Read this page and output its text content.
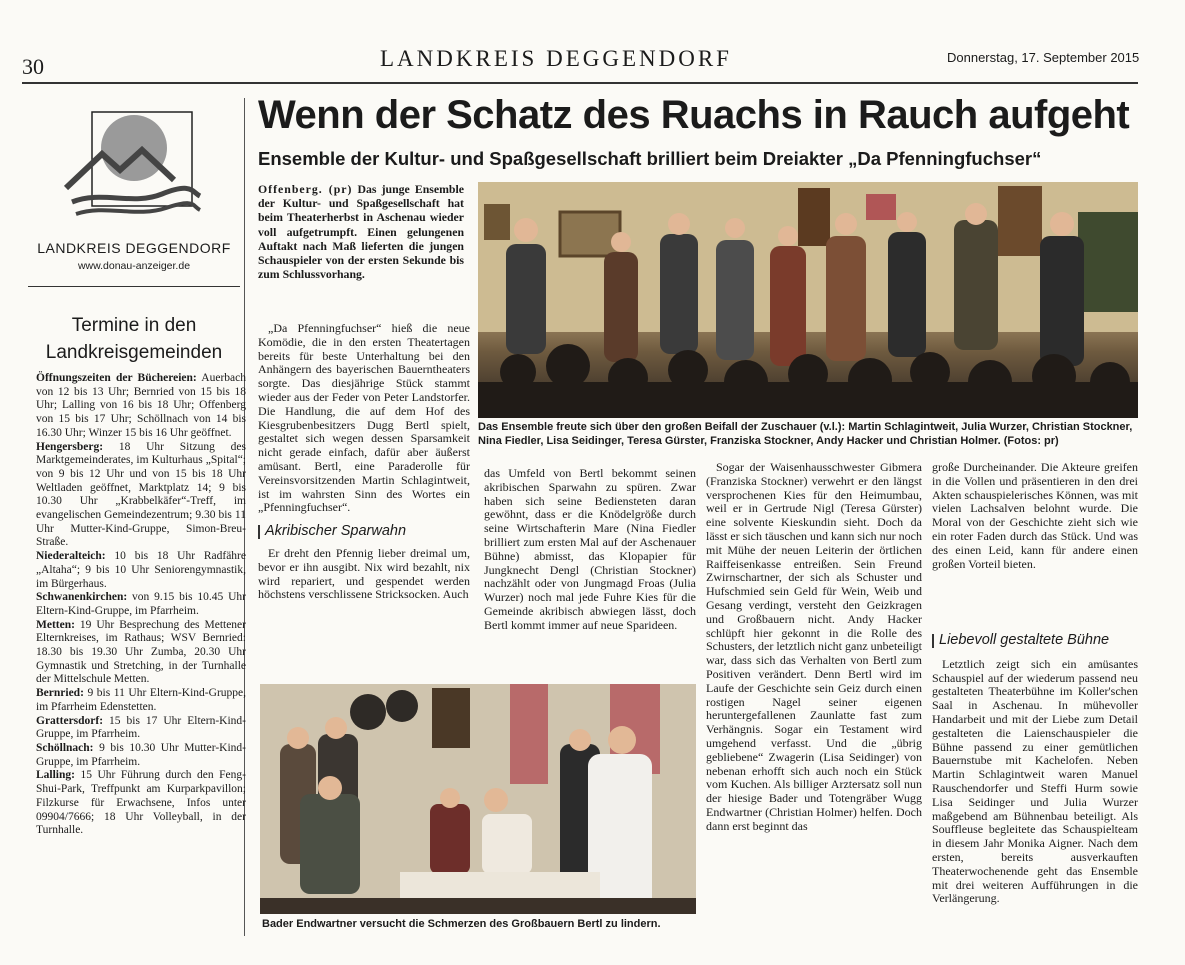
30	LANDKREIS DEGGENDORF	Donnerstag, 17. September 2015
LANDKREIS DEGGENDORF
www.donau-anzeiger.de
Termine in den
Landkreisgemeinden

Öffnungszeiten der Büchereien: Auerbach von 12 bis 13 Uhr; Bernried von 15 bis 18 Uhr; Lalling von 16 bis 18 Uhr; Offenberg von 15 bis 17 Uhr; Schöllnach von 14 bis 16.30 Uhr; Winzer 15 bis 16 Uhr geöffnet.

Hengersberg: 18 Uhr Sitzung des Marktgemeinderates, im Kulturhaus „Spital“; von 9 bis 12 Uhr und von 15 bis 18 Uhr Weltladen geöffnet, Marktplatz 14; 9 bis 10.30 Uhr „Krabbelkäfer“-Treff, im evangelischen Gemeindezentrum; 9.30 bis 11 Uhr Mutter-Kind-Gruppe, Simon-Breu-Straße.

Niederalteich: 10 bis 18 Uhr Radfähre „Altaha“; 9 bis 10 Uhr Seniorengymnastik, im Bürgerhaus.

Schwanenkirchen: von 9.15 bis 10.45 Uhr Eltern-Kind-Gruppe, im Pfarrheim.

Metten: 19 Uhr Besprechung des Mettener Elternkreises, im Rathaus; WSV Bernried: 18.30 bis 19.30 Uhr Zumba, 20.30 Uhr Gymnastik und Stretching, in der Turnhalle der Mittelschule Metten.

Bernried: 9 bis 11 Uhr Eltern-Kind-Gruppe, im Pfarrheim Edenstetten.

Grattersdorf: 15 bis 17 Uhr Eltern-Kind-Gruppe, im Pfarrheim.

Schöllnach: 9 bis 10.30 Uhr Mutter-Kind-Gruppe, im Pfarrheim.

Lalling: 15 Uhr Führung durch den Feng-Shui-Park, Treffpunkt am Kurparkpavillon; Filzkurse für Erwachsene, Infos unter 09904/7666; 18 Uhr Volleyball, in der Turnhalle.

Wenn der Schatz des Ruachs in Rauch aufgeht
Ensemble der Kultur- und Spaßgesellschaft brilliert beim Dreiakter „Da Pfenningfuchser“
Offenberg. (pr) Das junge Ensemble der Kultur- und Spaßgesellschaft hat beim Theaterherbst in Aschenau wieder voll aufgetrumpft. Einen gelungenen Auftakt nach Maß lieferten die jungen Schauspieler von der ersten Sekunde bis zum Schlussvorhang.

„Da Pfenningfuchser“ hieß die neue Komödie, die in den ersten Theatertagen bereits für beste Unterhaltung bei den Anhängern des bayerischen Bauerntheaters sorgte. Das diesjährige Stück stammt wieder aus der Feder von Peter Landstorfer. Die Handlung, die auf dem Hof des Kiesgrubenbesitzers Dugg Bertl spielt, gestaltet sich wegen dessen Sparsamkeit nicht gerade einfach, dafür aber äußerst amüsant. Bertl, eine Paraderolle für Vereinsvorsitzenden Martin Schlagintweit, ist im wahrsten Sinn des Wortes ein „Pfenningfuchser“.

Akribischer Sparwahn

Er dreht den Pfennig lieber dreimal um, bevor er ihn ausgibt. Nix wird bezahlt, nix wird repariert, und gespendet werden höchstens verschlissene Stricksocken. Auch

Das Ensemble freute sich über den großen Beifall der Zuschauer (v.l.): Martin Schlagintweit, Julia Wurzer, Christian Stockner, Nina Fiedler, Lisa Seidinger, Teresa Gürster, Franziska Stockner, Andy Hacker und Christian Holmer. (Fotos: pr)

das Umfeld von Bertl bekommt seinen akribischen Sparwahn zu spüren. Zwar haben sich seine Bediensteten daran gewöhnt, dass er die Knödelgröße durch seine Wirtschafterin Mare (Nina Fiedler brilliert zum ersten Mal auf der Aschenauer Bühne) abmisst, das Klopapier für Jungknecht Dengl (Christian Stockner) nachzählt oder von Jungmagd Froas (Julia Wurzer) noch mal jede Fuhre Kies für die Gemeinde akribisch abwiegen lässt, doch Bertl kommt immer auf neue Sparideen.

Sogar der Waisenhausschwester Gibmera (Franziska Stockner) verwehrt er den längst versprochenen Kies für den Heimumbau, weil er in Gertrude Nigl (Teresa Gürster) eine solvente Kieskundin sieht. Doch da lässt er sich täuschen und kann sich nur noch mit Mühe der neuen Leiterin der örtlichen Raiffeisenkasse entreißen. Sein Freund Zwirnschartner, der sich als Schuster und Hufschmied sein Geld für Wein, Weib und Gesang verdingt, versteht den Geizkragen und Großbauern nicht. Andy Hacker schlüpft hier gekonnt in die Rolle des Schusters, der letztlich nicht ganz unbeteiligt war, dass sich das Verhalten von Bertl zum Positiven verändert. Denn Bertl wird im Laufe der Geschichte sein Geiz durch einen rostigen Nagel seiner eigenen heruntergefallenen Zaunlatte fast zum Verhängnis. Sogar ein Testament wird umgehend verfasst. Und die „übrig gebliebene“ Zwagerin (Lisa Seidinger) von nebenan erhofft sich auch noch ein Stück vom Kuchen. Als billiger Arztersatz soll nun der hiesige Bader und Totengräber Wugg Endwartner (Christian Holmer) helfen. Doch dann erst beginnt das

große Durcheinander. Die Akteure greifen in die Vollen und präsentieren in den drei Akten schauspielerisches Können, was mit vielen Lachsalven belohnt wurde. Die Moral von der Geschichte zieht sich wie ein roter Faden durch das Stück. Und was des einen Leid, kann für andere einen großen Vorteil bieten.

Liebevoll gestaltete Bühne

Letztlich zeigt sich ein amüsantes Schauspiel auf der wiederum passend neu gestalteten Theaterbühne im Koller'schen Saal in Aschenau. In mühevoller Handarbeit und mit der Liebe zum Detail gestalteten die Laienschauspieler die Bühne passend zu einer gemütlichen Bauernstube mit Kachelofen. Neben Martin Schlagintweit waren Manuel Rauschendorfer und Steffi Hurm sowie Lisa Seidinger und Julia Wurzer maßgebend am Bühnenbau beteiligt. Als Souffleuse begleitete das Schauspielteam in diesem Jahr Monika Aigner. Nach dem ersten, bereits ausverkauften Theaterwochenende geht das Ensemble mit drei weiteren Aufführungen in die Verlängerung.

Bader Endwartner versucht die Schmerzen des Großbauern Bertl zu lindern.
